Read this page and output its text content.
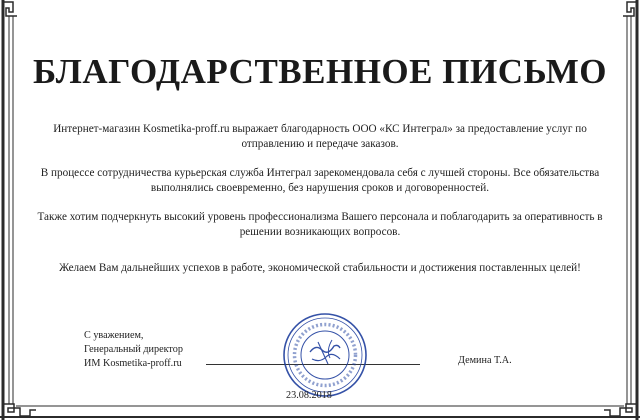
БЛАГОДАРСТВЕННОЕ ПИСЬМО

Интернет-магазин Kosmetika-proff.ru выражает благодарность ООО «КС Интеграл» за предоставление услуг по отправлению и передаче заказов.

В процессе сотрудничества курьерская служба Интеграл зарекомендовала себя с лучшей стороны. Все обязательства выполнялись своевременно, без нарушения сроков и договоренностей.

Также хотим подчеркнуть высокий уровень профессионализма Вашего персонала и поблагодарить за оперативность в решении возникающих вопросов.

Желаем Вам дальнейших успехов в работе, экономической стабильности и достижения поставленных целей!

С уважением,
Генеральный директор
ИМ Kosmetika-proff.ru	Демина Т.А.
23.08.2018
